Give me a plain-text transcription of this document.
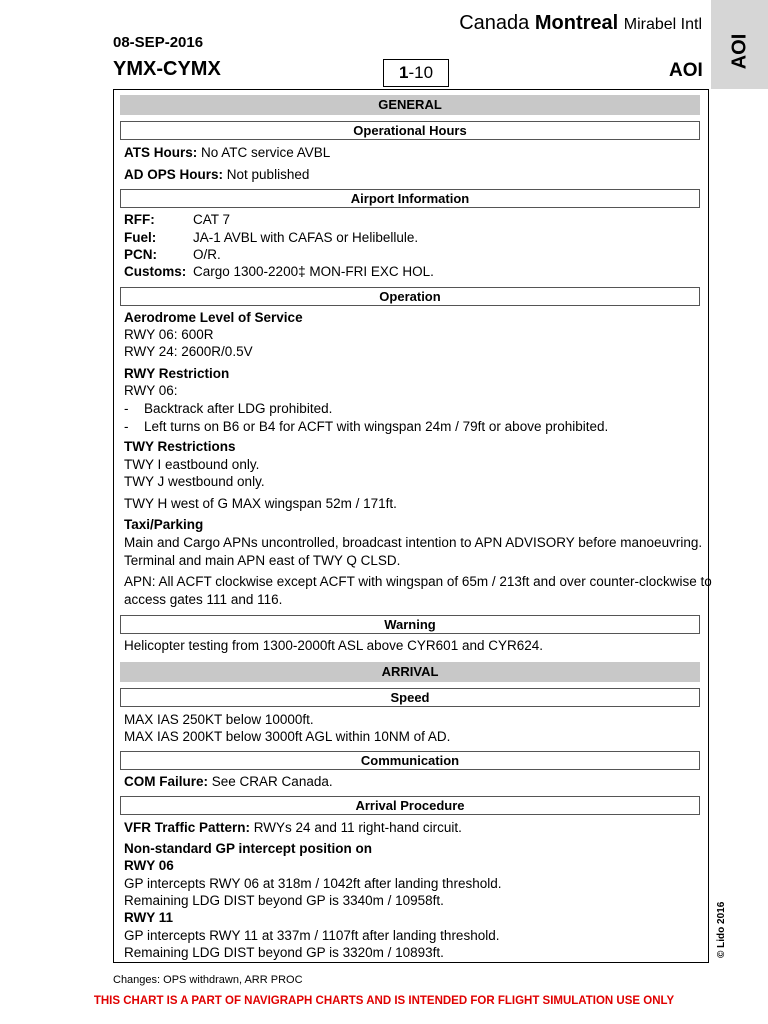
08-SEP-2016
YMX-CYMX
Canada Montreal Mirabel Intl
1-10	AOI
AOI
GENERAL
Operational Hours
ATS Hours: No ATC service AVBL
AD OPS Hours: Not published
Airport Information
RFF:	CAT 7
Fuel:	JA-1 AVBL with CAFAS or Helibellule.
PCN:	O/R.
Customs: Cargo 1300-2200‡ MON-FRI EXC HOL.
Operation
Aerodrome Level of Service
RWY 06: 600R
RWY 24: 2600R/0.5V
RWY Restriction
RWY 06:
- Backtrack after LDG prohibited.
- Left turns on B6 or B4 for ACFT with wingspan 24m / 79ft or above prohibited.
TWY Restrictions
TWY I eastbound only.
TWY J westbound only.
TWY H west of G MAX wingspan 52m / 171ft.
Taxi/Parking
Main and Cargo APNs uncontrolled, broadcast intention to APN ADVISORY before manoeuvring.
Terminal and main APN east of TWY Q CLSD.
APN: All ACFT clockwise except ACFT with wingspan of 65m / 213ft and over counter-clockwise to
access gates 111 and 116.
Warning
Helicopter testing from 1300-2000ft ASL above CYR601 and CYR624.
ARRIVAL
Speed
MAX IAS 250KT below 10000ft.
MAX IAS 200KT below 3000ft AGL within 10NM of AD.
Communication
COM Failure: See CRAR Canada.
Arrival Procedure
VFR Traffic Pattern: RWYs 24 and 11 right-hand circuit.
Non-standard GP intercept position on
RWY 06
GP intercepts RWY 06 at 318m / 1042ft after landing threshold.
Remaining LDG DIST beyond GP is 3340m / 10958ft.
RWY 11
GP intercepts RWY 11 at 337m / 1107ft after landing threshold.
Remaining LDG DIST beyond GP is 3320m / 10893ft.	© Lido 2016
Changes: OPS withdrawn, ARR PROC
THIS CHART IS A PART OF NAVIGRAPH CHARTS AND IS INTENDED FOR FLIGHT SIMULATION USE ONLY
